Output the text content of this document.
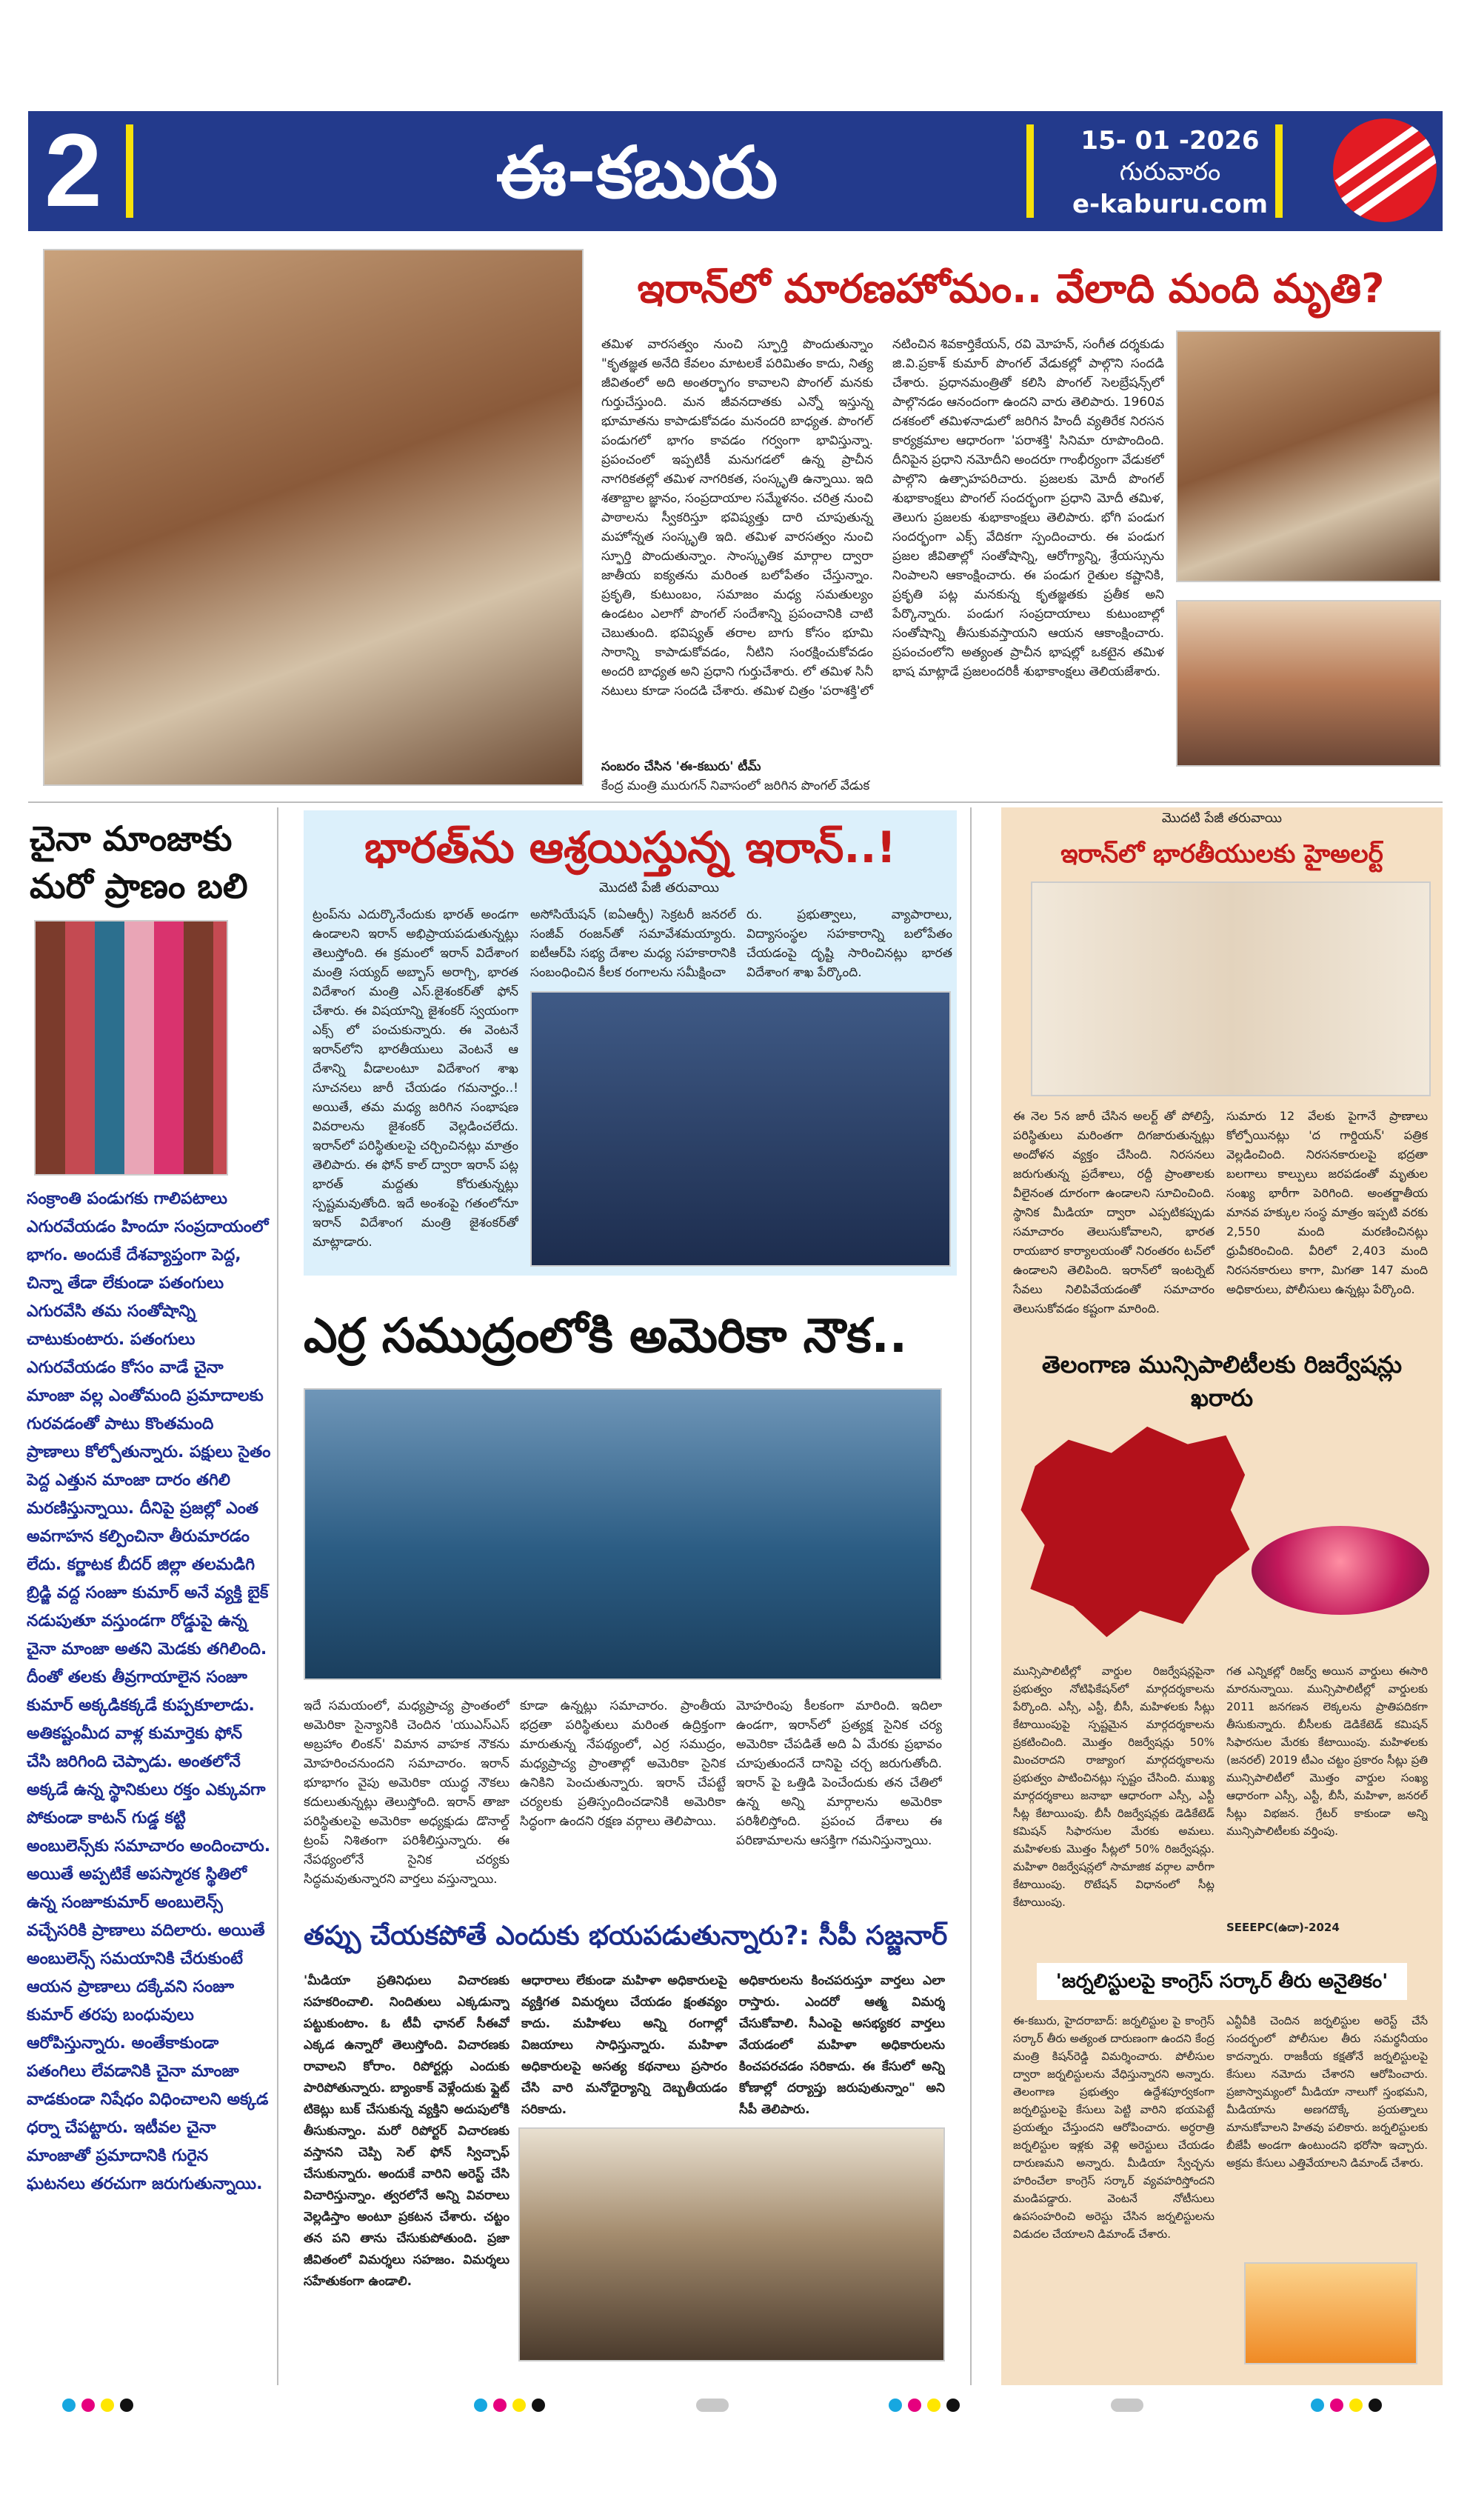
2	ఈ-కబురు	15- 01 -2026
గురువారం
e-kaburu.com
ఇరాన్‌లో మారణహోమం.. వేలాది మంది మృతి?
తమిళ వారసత్వం నుంచి స్ఫూర్తి పొందుతున్నాం "కృతజ్ఞత అనేది కేవలం మాటలకే పరిమితం కాదు, నిత్య జీవితంలో అది అంతర్భాగం కావాలని పొంగల్ మనకు గుర్తుచేస్తుంది. మన జీవనదాతకు ఎన్నో ఇస్తున్న భూమాతను కాపాడుకోవడం మనందరి బాధ్యత. పొంగల్ పండుగలో భాగం కావడం గర్వంగా భావిస్తున్నా. ప్రపంచంలో ఇప్పటికీ మనుగడలో ఉన్న ప్రాచీన నాగరికతల్లో తమిళ నాగరికత, సంస్కృతి ఉన్నాయి. ఇది శతాబ్దాల జ్ఞానం, సంప్రదాయాల సమ్మేళనం. చరిత్ర నుంచి పాఠాలను స్వీకరిస్తూ భవిష్యత్తు దారి చూపుతున్న మహోన్నత సంస్కృతి ఇది. తమిళ వారసత్వం నుంచి స్ఫూర్తి పొందుతున్నాం. సాంస్కృతిక మార్గాల ద్వారా జాతీయ ఐక్యతను మరింత బలోపేతం చేస్తున్నాం. ప్రకృతి, కుటుంబం, సమాజం మధ్య సమతుల్యం ఉండటం ఎలాగో పొంగల్ సందేశాన్ని ప్రపంచానికి చాటి చెబుతుంది. భవిష్యత్ తరాల బాగు కోసం భూమి సారాన్ని కాపాడుకోవడం, నీటిని సంరక్షించుకోవడం అందరి బాధ్యత అని ప్రధాని గుర్తుచేశారు. లో తమిళ సినీ నటులు కూడా సందడి చేశారు. తమిళ చిత్రం 'పరాశక్తి'లో నటించిన శివకార్తికేయన్, రవి మోహన్, సంగీత దర్శకుడు జి.వి.ప్రకాశ్ కుమార్ పొంగల్ వేడుకల్లో పాల్గొని సందడి చేశారు. ప్రధానమంత్రితో కలిసి పొంగల్ సెలబ్రేషన్స్‌లో పాల్గొనడం ఆనందంగా ఉందని వారు తెలిపారు. 1960వ దశకంలో తమిళనాడులో జరిగిన హిందీ వ్యతిరేక నిరసన కార్యక్రమాల ఆధారంగా 'పరాశక్తి' సినిమా రూపొందింది. దీనిపైన ప్రధాని నమోదీని అందరూ గాంభీర్యంగా వేడుకలో పాల్గొని ఉత్సాహపరిచారు. ప్రజలకు మోదీ పొంగల్ శుభాకాంక్షలు పొంగల్ సందర్భంగా ప్రధాని మోదీ తమిళ, తెలుగు ప్రజలకు శుభాకాంక్షలు తెలిపారు. భోగి పండుగ సందర్భంగా ఎక్స్ వేదికగా స్పందించారు. ఈ పండుగ ప్రజల జీవితాల్లో సంతోషాన్ని, ఆరోగ్యాన్ని, శ్రేయస్సును నింపాలని ఆకాంక్షించారు. ఈ పండుగ రైతుల కష్టానికి, ప్రకృతి పట్ల మనకున్న కృతజ్ఞతకు ప్రతీక అని పేర్కొన్నారు. పండుగ సంప్రదాయాలు కుటుంబాల్లో సంతోషాన్ని తీసుకువస్తాయని ఆయన ఆకాంక్షించారు. ప్రపంచంలోని అత్యంత ప్రాచీన భాషల్లో ఒకటైన తమిళ భాష మాట్లాడే ప్రజలందరికీ శుభాకాంక్షలు తెలియజేశారు.
సంబరం చేసిన 'ఈ-కబురు' టీమ్
కేంద్ర మంత్రి మురుగన్ నివాసంలో జరిగిన పొంగల్ వేడుక
చైనా మాంజాకు మరో ప్రాణం బలి
సంక్రాంతి పండుగకు గాలిపటాలు ఎగురవేయడం హిందూ సంప్రదాయంలో భాగం. అందుకే దేశవ్యాప్తంగా పెద్ద, చిన్నా తేడా లేకుండా పతంగులు ఎగురవేసి తమ సంతోషాన్ని చాటుకుంటారు. పతంగులు ఎగురవేయడం కోసం వాడే చైనా మాంజా వల్ల ఎంతోమంది ప్రమాదాలకు గురవడంతో పాటు కొంతమంది ప్రాణాలు కోల్పోతున్నారు. పక్షులు సైతం పెద్ద ఎత్తున మాంజా దారం తగిలి మరణిస్తున్నాయి. దీనిపై ప్రజల్లో ఎంత అవగాహన కల్పించినా తీరుమారడం లేదు. కర్ణాటక బీదర్ జిల్లా తలమడిగి బ్రిడ్జి వద్ద సంజూ కుమార్ అనే వ్యక్తి బైక్ నడుపుతూ వస్తుండగా రోడ్డుపై ఉన్న చైనా మాంజా అతని మెడకు తగిలింది. దీంతో తలకు తీవ్రగాయాలైన సంజూ కుమార్ అక్కడికక్కడే కుప్పకూలాడు. అతికష్టంమీద వాళ్ల కుమార్తెకు ఫోన్ చేసి జరిగింది చెప్పాడు. అంతలోనే అక్కడే ఉన్న స్థానికులు రక్తం ఎక్కువగా పోకుండా కాటన్ గుడ్డ కట్టి అంబులెన్స్‌కు సమాచారం అందించారు. అయితే అప్పటికే అపస్మారక స్థితిలో ఉన్న సంజూకుమార్ అంబులెన్స్ వచ్చేసరికి ప్రాణాలు వదిలారు. అయితే అంబులెన్స్ సమయానికి చేరుకుంటే ఆయన ప్రాణాలు దక్కేవని సంజూ కుమార్ తరపు బంధువులు ఆరోపిస్తున్నారు. అంతేకాకుండా పతంగిలు లేవడానికి చైనా మాంజా వాడకుండా నిషేధం విధించాలని అక్కడ ధర్నా చేపట్టారు. ఇటీవల చైనా మాంజాతో ప్రమాదానికి గురైన ఘటనలు తరచుగా జరుగుతున్నాయి.
భారత్‌ను ఆశ్రయిస్తున్న ఇరాన్..!
మొదటి పేజీ తరువాయి
ట్రంప్‌ను ఎదుర్కొనేందుకు భారత్ అండగా ఉండాలని ఇరాన్ అభిప్రాయపడుతున్నట్లు తెలుస్తోంది. ఈ క్రమంలో ఇరాన్ విదేశాంగ మంత్రి సయ్యద్ అబ్బాస్ అరాగ్చి, భారత విదేశాంగ మంత్రి ఎస్.జైశంకర్‌తో ఫోన్ చేశారు. ఈ విషయాన్ని జైశంకర్ స్వయంగా ఎక్స్ లో పంచుకున్నారు. ఈ వెంటనే ఇరాన్‌లోని భారతీయులు వెంటనే ఆ దేశాన్ని వీడాలంటూ విదేశాంగ శాఖ సూచనలు జారీ చేయడం గమనార్హం..! అయితే, తమ మధ్య జరిగిన సంభాషణ వివరాలను జైశంకర్ వెల్లడించలేదు. ఇరాన్‌లో పరిస్థితులపై చర్చించినట్లు మాత్రం తెలిపారు. ఈ ఫోన్ కాల్ ద్వారా ఇరాన్ పట్ల భారత్ మద్దతు కోరుతున్నట్లు స్పష్టమవుతోంది. ఇదే అంశంపై గతంలోనూ ఇరాన్ విదేశాంగ మంత్రి జైశంకర్‌తో మాట్లాడారు.
అసోసియేషన్ (ఐఏఆర్పీ) సెక్రటరీ జనరల్ సంజీవ్ రంజన్‌తో సమావేశమయ్యారు. ఐటీఆర్‌పి సభ్య దేశాల మధ్య సహకారానికి సంబంధించిన కీలక రంగాలను సమీక్షించా
రు. ప్రభుత్వాలు, వ్యాపారాలు, విద్యాసంస్థల సహకారాన్ని బలోపేతం చేయడంపై దృష్టి సారించినట్లు భారత విదేశాంగ శాఖ పేర్కొంది.
ఎర్ర సముద్రంలోకి అమెరికా నౌక..
ఇదే సమయంలో, మధ్యప్రాచ్య ప్రాంతంలో అమెరికా సైన్యానికి చెందిన 'యుఎస్ఎస్ అబ్రహాం లింకన్' విమాన వాహక నౌకను మోహరించనుందని సమాచారం. ఇరాన్ భూభాగం వైపు అమెరికా యుద్ధ నౌకలు కదులుతున్నట్లు తెలుస్తోంది. ఇరాన్ తాజా పరిస్థితులపై అమెరికా అధ్యక్షుడు డొనాల్డ్ ట్రంప్ నిశితంగా పరిశీలిస్తున్నారు. ఈ నేపథ్యంలోనే సైనిక చర్యకు సిద్ధమవుతున్నారని వార్తలు వస్తున్నాయి.
కూడా ఉన్నట్లు సమాచారం. ప్రాంతీయ భద్రతా పరిస్థితులు మరింత ఉద్రిక్తంగా మారుతున్న నేపథ్యంలో, ఎర్ర సముద్రం, మధ్యప్రాచ్య ప్రాంతాల్లో అమెరికా సైనిక ఉనికిని పెంచుతున్నారు. ఇరాన్ చేపట్టే చర్యలకు ప్రతిస్పందించడానికి అమెరికా సిద్ధంగా ఉందని రక్షణ వర్గాలు తెలిపాయి.
మోహరింపు కీలకంగా మారింది. ఇదిలా ఉండగా, ఇరాన్‌లో ప్రత్యక్ష సైనిక చర్య అమెరికా చేపడితే అది ఏ మేరకు ప్రభావం చూపుతుందనే దానిపై చర్చ జరుగుతోంది. ఇరాన్ పై ఒత్తిడి పెంచేందుకు తన చేతిలో ఉన్న అన్ని మార్గాలను అమెరికా పరిశీలిస్తోంది. ప్రపంచ దేశాలు ఈ పరిణామాలను ఆసక్తిగా గమనిస్తున్నాయి.
తప్పు చేయకపోతే ఎందుకు భయపడుతున్నారు?: సీపీ సజ్జనార్
'మీడియా ప్రతినిధులు విచారణకు సహకరించాలి. నిందితులు ఎక్కడున్నా పట్టుకుంటాం. ఓ టీవీ ఛానల్ సీఈవో ఎక్కడ ఉన్నారో తెలుస్తోంది. విచారణకు రావాలని కోరాం. రిపోర్టర్లు ఎందుకు పారిపోతున్నారు. బ్యాంకాక్ వెళ్లేందుకు ఫ్లైట్ టికెట్లు బుక్ చేసుకున్న వ్యక్తిని అదుపులోకి తీసుకున్నాం. మరో రిపోర్టర్ విచారణకు వస్తానని చెప్పి సెల్ ఫోన్ స్విచ్చాఫ్ చేసుకున్నారు. అందుకే వారిని అరెస్ట్ చేసి విచారిస్తున్నాం. త్వరలోనే అన్ని వివరాలు వెల్లడిస్తాం అంటూ ప్రకటన చేశారు. చట్టం తన పని తాను చేసుకుపోతుంది. ప్రజా జీవితంలో విమర్శలు సహజం. విమర్శలు సహేతుకంగా ఉండాలి.
ఆధారాలు లేకుండా మహిళా అధికారులపై వ్యక్తిగత విమర్శలు చేయడం క్షంతవ్యం కాదు. మహిళలు అన్ని రంగాల్లో విజయాలు సాధిస్తున్నారు. మహిళా అధికారులపై అసత్య కథనాలు ప్రసారం చేసి వారి మనోధైర్యాన్ని దెబ్బతీయడం సరికాదు.
అధికారులను కించపరుస్తూ వార్తలు ఎలా రాస్తారు. ఎందరో ఆత్మ విమర్శ చేసుకోవాలి. సీఎంపై అసభ్యకర వార్తలు వేయడంలో మహిళా అధికారులను కించపరచడం సరికాదు. ఈ కేసులో అన్ని కోణాల్లో దర్యాప్తు జరుపుతున్నాం" అని సీపీ తెలిపారు.
మొదటి పేజీ తరువాయి
ఇరాన్‌లో భారతీయులకు హైఅలర్ట్
ఈ నెల 5న జారీ చేసిన అలర్ట్ తో పోలిస్తే, పరిస్థితులు మరింతగా దిగజారుతున్నట్లు అందోళన వ్యక్తం చేసింది. నిరసనలు జరుగుతున్న ప్రదేశాలు, రద్దీ ప్రాంతాలకు వీలైనంత దూరంగా ఉండాలని సూచించింది. స్థానిక మీడియా ద్వారా ఎప్పటికప్పుడు సమాచారం తెలుసుకోవాలని, భారత రాయబార కార్యాలయంతో నిరంతరం టచ్‌లో ఉండాలని తెలిపింది. ఇరాన్‌లో ఇంటర్నెట్ సేవలు నిలిపివేయడంతో సమాచారం తెలుసుకోవడం కష్టంగా మారింది.
సుమారు 12 వేలకు పైగానే ప్రాణాలు కోల్పోయినట్లు 'ద గార్డియన్' పత్రిక వెల్లడించింది. నిరసనకారులపై భద్రతా బలగాలు కాల్పులు జరపడంతో మృతుల సంఖ్య భారీగా పెరిగింది. అంతర్జాతీయ మానవ హక్కుల సంస్థ మాత్రం ఇప్పటి వరకు 2,550 మంది మరణించినట్లు ధ్రువీకరించింది. వీరిలో 2,403 మంది నిరసనకారులు కాగా, మిగతా 147 మంది అధికారులు, పోలీసులు ఉన్నట్లు పేర్కొంది.
తెలంగాణ మున్సిపాలిటీలకు రిజర్వేషన్లు ఖరారు
మున్సిపాలిటీల్లో వార్డుల రిజర్వేషన్లపైనా ప్రభుత్వం నోటిఫికేషన్‌లో మార్గదర్శకాలను పేర్కొంది. ఎస్సీ, ఎస్టీ, బీసీ, మహిళలకు సీట్లు కేటాయింపుపై స్పష్టమైన మార్గదర్శకాలను ప్రకటించింది. మొత్తం రిజర్వేషన్లు 50% మించరాదని రాజ్యాంగ మార్గదర్శకాలను ప్రభుత్వం పాటించినట్లు స్పష్టం చేసింది. ముఖ్య మార్గదర్శకాలు జనాభా ఆధారంగా ఎస్సీ, ఎస్టీ సీట్ల కేటాయింపు. బీసీ రిజర్వేషన్లకు డెడికేటెడ్ కమిషన్ సిఫారసుల మేరకు అమలు. మహిళలకు మొత్తం సీట్లలో 50% రిజర్వేషన్లు. మహిళా రిజర్వేషన్లలో సామాజిక వర్గాల వారీగా కేటాయింపు. రొటేషన్ విధానంలో సీట్ల కేటాయింపు.
గత ఎన్నికల్లో రిజర్వ్ అయిన వార్డులు ఈసారి మారనున్నాయి. మున్సిపాలిటీల్లో వార్డులకు 2011 జనగణన లెక్కలను ప్రాతిపదికగా తీసుకున్నారు. బీసీలకు డెడికేటెడ్ కమిషన్ సిఫారసుల మేరకు కేటాయింపు. మహిళలకు (జనరల్) 2019 టీఎం చట్టం ప్రకారం సీట్లు ప్రతి మున్సిపాలిటీలో మొత్తం వార్డుల సంఖ్య ఆధారంగా ఎస్సీ, ఎస్టీ, బీసీ, మహిళా, జనరల్ సీట్లు విభజన. గ్రేటర్ కాకుండా అన్ని మున్సిపాలిటీలకు వర్తింపు.
SEEEPC(ఉదా)-2024
'జర్నలిస్టులపై కాంగ్రెస్ సర్కార్ తీరు అనైతికం'
ఈ-కబురు, హైదరాబాద్: జర్నలిస్టుల పై కాంగ్రెస్ సర్కార్ తీరు అత్యంత దారుణంగా ఉందని కేంద్ర మంత్రి కిషన్‌రెడ్డి విమర్శించారు. పోలీసుల ద్వారా జర్నలిస్టులను వేధిస్తున్నారని అన్నారు. తెలంగాణ ప్రభుత్వం ఉద్దేశపూర్వకంగా జర్నలిస్టులపై కేసులు పెట్టి వారిని భయపెట్టే ప్రయత్నం చేస్తుందని ఆరోపించారు. అర్ధరాత్రి జర్నలిస్టుల ఇళ్లకు వెళ్లి అరెస్టులు చేయడం దారుణమని అన్నారు. మీడియా స్వేచ్ఛను హరించేలా కాంగ్రెస్ సర్కార్ వ్యవహరిస్తోందని మండిపడ్డారు. వెంటనే నోటీసులు ఉపసంహరించి అరెస్టు చేసిన జర్నలిస్టులను విడుదల చేయాలని డిమాండ్ చేశారు.
ఎన్టీవీకి చెందిన జర్నలిస్టుల అరెస్ట్ చేసే సందర్భంలో పోలీసుల తీరు సమర్థనీయం కాదన్నారు. రాజకీయ కక్షతోనే జర్నలిస్టులపై కేసులు నమోదు చేశారని ఆరోపించారు. ప్రజాస్వామ్యంలో మీడియా నాలుగో స్తంభమని, మీడియాను అణగదొక్కే ప్రయత్నాలు మానుకోవాలని హితవు పలికారు. జర్నలిస్టులకు బీజేపీ అండగా ఉంటుందని భరోసా ఇచ్చారు. అక్రమ కేసులు ఎత్తివేయాలని డిమాండ్ చేశారు.
